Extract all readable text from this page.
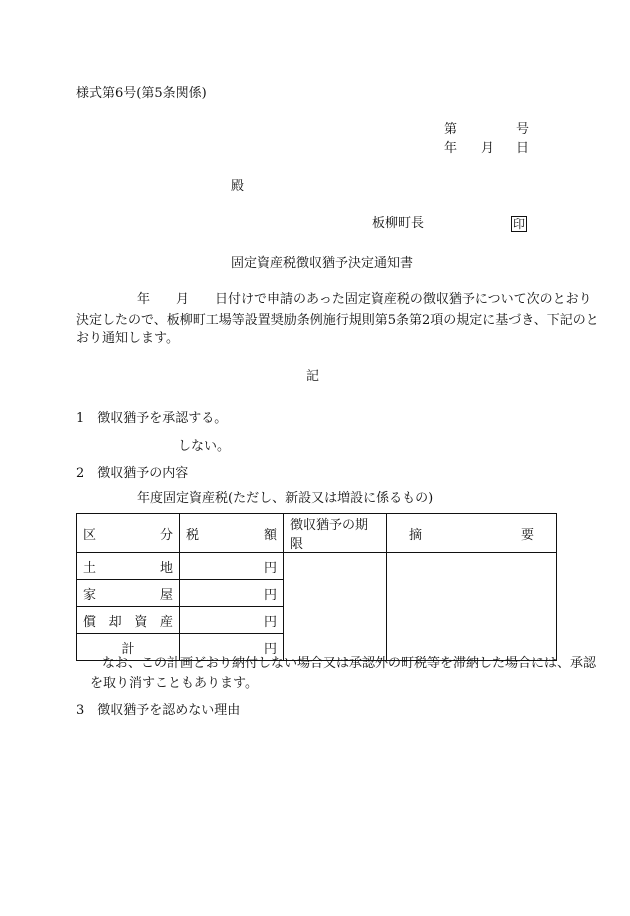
様式第6号(第5条関係)
第	号
年 月 日
殿
板柳町長	印
固定資産税徴収猶予決定通知書
年　　月　　日付けで申請のあった固定資産税の徴収猶予について次のとおり
決定したので、板柳町工場等設置奨励条例施行規則第5条第2項の規定に基づき、下記のと
おり通知します。
記
1　徴収猶予を承認する。
しない。
2　徴収猶予の内容
年度固定資産税(ただし、新設又は増設に係るもの)
区 分	税 額	徴収猶予の期限	摘 要

土 地	円		

家 屋	円		

償 却 資 産	円		
計	円		
なお、この計画どおり納付しない場合又は承認外の町税等を滞納した場合には、承認
を取り消すこともあります。
3　徴収猶予を認めない理由
